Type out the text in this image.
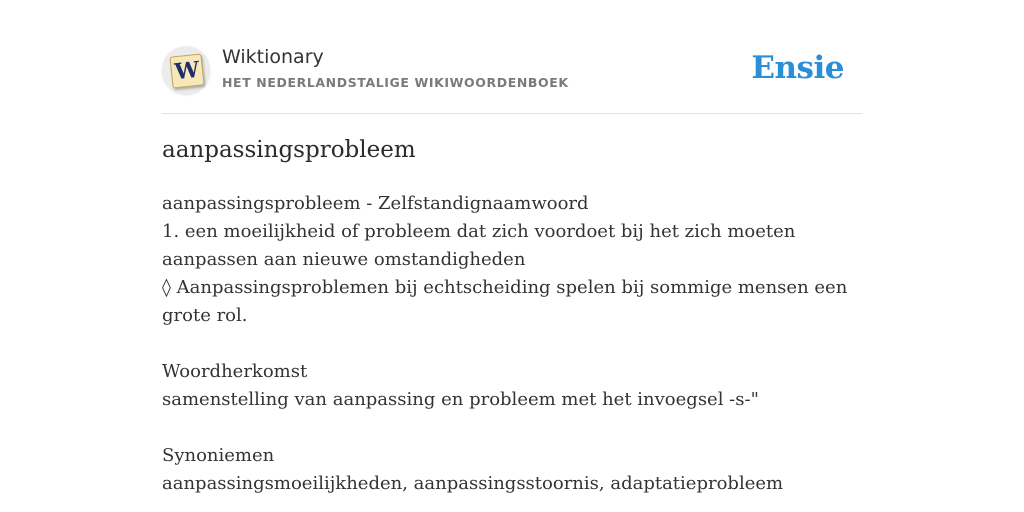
W Wiktionary
HET NEDERLANDSTALIGE WIKIWOORDENBOEK	Ensie
aanpassingsprobleem

aanpassingsprobleem - Zelfstandignaamwoord

1. een moeilijkheid of probleem dat zich voordoet bij het zich moeten aanpassen aan nieuwe omstandigheden

◊ Aanpassingsproblemen bij echtscheiding spelen bij sommige mensen een grote rol.

Woordherkomst

samenstelling van aanpassing en probleem met het invoegsel -s-"

Synoniemen

aanpassingsmoeilijkheden, aanpassingsstoornis, adaptatieprobleem
